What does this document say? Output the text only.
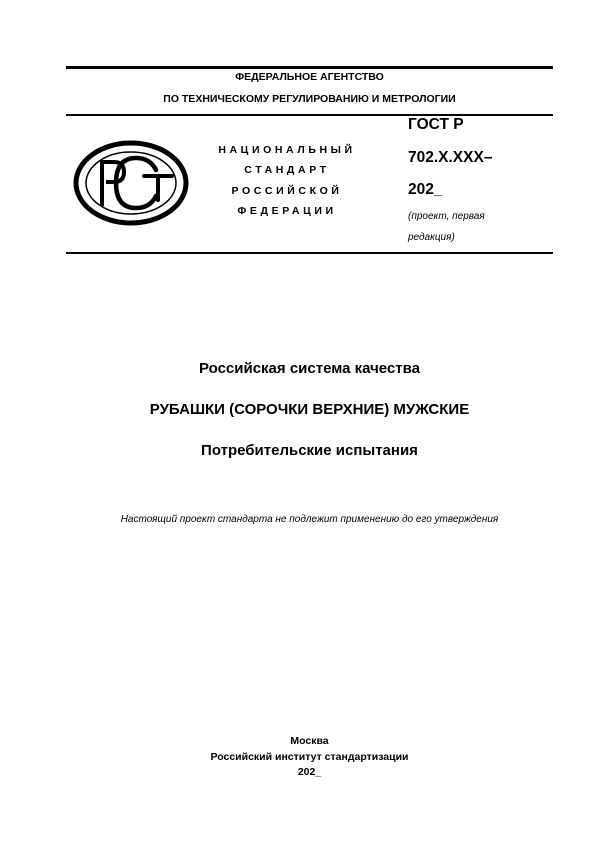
ФЕДЕРАЛЬНОЕ АГЕНТСТВО
ПО ТЕХНИЧЕСКОМУ РЕГУЛИРОВАНИЮ И МЕТРОЛОГИИ
НАЦИОНАЛЬНЫЙ
СТАНДАРТ
РОССИЙСКОЙ
ФЕДЕРАЦИИ
ГОСТ Р
702.Х.ХХХ–
202_
(проект, первая
редакция)
Российская система качества
РУБАШКИ (СОРОЧКИ ВЕРХНИЕ) МУЖСКИЕ
Потребительские испытания
Настоящий проект стандарта не подлежит применению до его утверждения
Москва
Российский институт стандартизации
202_
